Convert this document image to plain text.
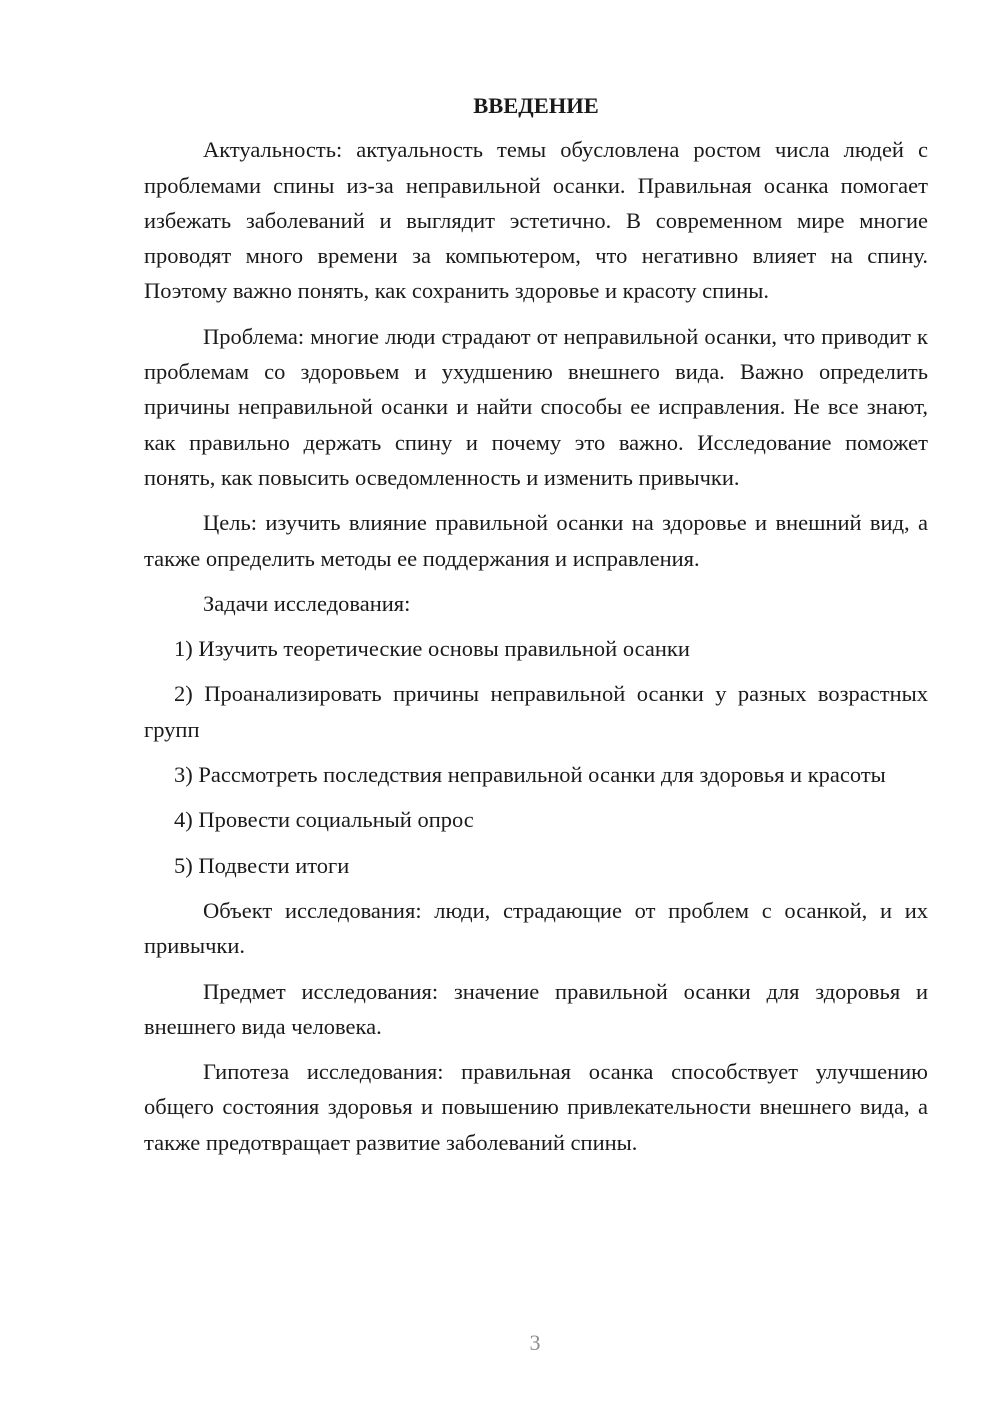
ВВЕДЕНИЕ

Актуальность: актуальность темы обусловлена ростом числа людей с проблемами спины из-за неправильной осанки. Правильная осанка помогает избежать заболеваний и выглядит эстетично. В современном мире многие проводят много времени за компьютером, что негативно влияет на спину. Поэтому важно понять, как сохранить здоровье и красоту спины.

Проблема: многие люди страдают от неправильной осанки, что приводит к проблемам со здоровьем и ухудшению внешнего вида. Важно определить причины неправильной осанки и найти способы ее исправления. Не все знают, как правильно держать спину и почему это важно. Исследование поможет понять, как повысить осведомленность и изменить привычки.

Цель: изучить влияние правильной осанки на здоровье и внешний вид, а также определить методы ее поддержания и исправления.

Задачи исследования:

1) Изучить теоретические основы правильной осанки

2) Проанализировать причины неправильной осанки у разных возрастных групп

3) Рассмотреть последствия неправильной осанки для здоровья и красоты

4) Провести социальный опрос

5) Подвести итоги

Объект исследования: люди, страдающие от проблем с осанкой, и их привычки.

Предмет исследования: значение правильной осанки для здоровья и внешнего вида человека.

Гипотеза исследования: правильная осанка способствует улучшению общего состояния здоровья и повышению привлекательности внешнего вида, а также предотвращает развитие заболеваний спины.

3
